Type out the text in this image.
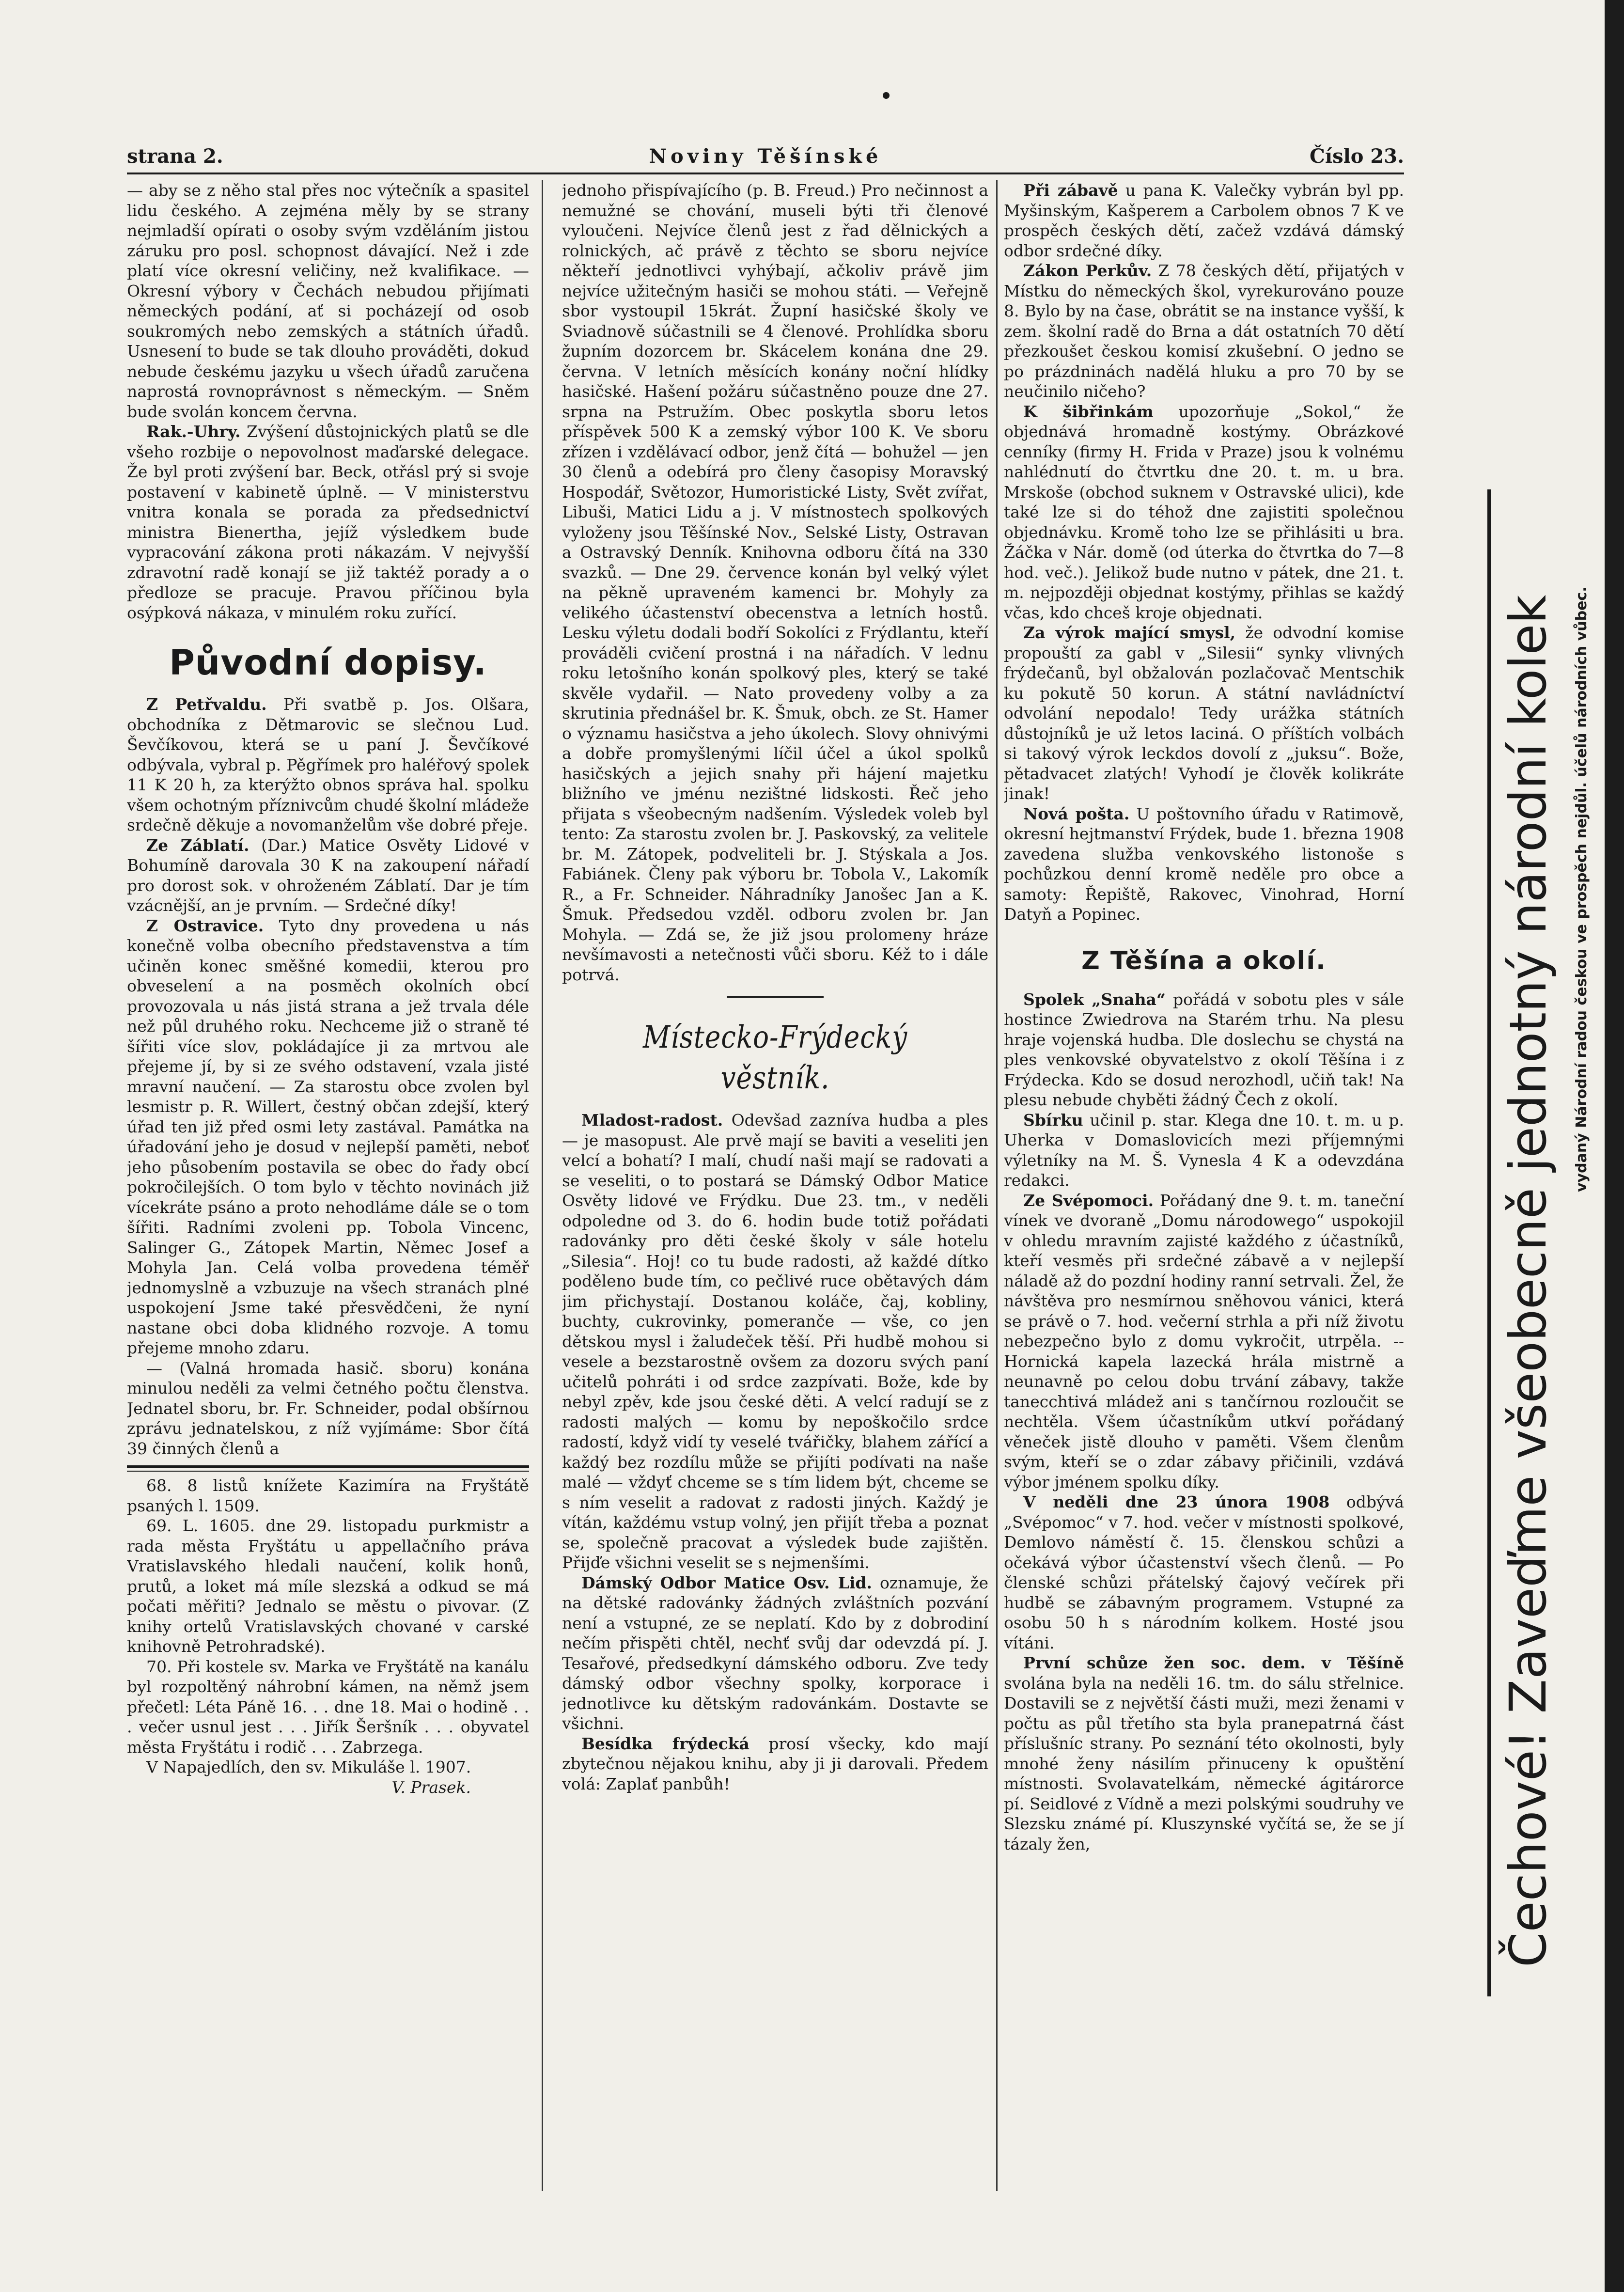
strana 2.	Noviny Těšínské	Číslo 23.

— aby se z něho stal přes noc výtečník a spasitel lidu českého. A zejména měly by se strany nejmladší opírati o osoby svým vzděláním jistou záruku pro posl. schopnost dávající. Než i zde platí více okresní veličiny, než kvalifikace. — Okresní výbory v Čechách nebudou přijímati německých podání, ať si pocházejí od osob soukromých nebo zemských a státních úřadů. Usnesení to bude se tak dlouho prováděti, dokud nebude českému jazyku u všech úřadů zaručena naprostá rovnoprávnost s německým. — Sněm bude svolán koncem června.

Rak.-Uhry. Zvýšení důstojnických platů se dle všeho rozbije o nepovolnost maďarské delegace. Že byl proti zvýšení bar. Beck, otřásl prý si svoje postavení v kabinetě úplně. — V ministerstvu vnitra konala se porada za předsednictví ministra Bienertha, jejíž výsledkem bude vypracování zákona proti nákazám. V nejvyšší zdravotní radě konají se již taktéž porady a o předloze se pracuje. Pravou příčinou byla osýpková nákaza, v minulém roku zuřící.

Původní dopisy.

Z Petřvaldu. Při svatbě p. Jos. Olšara, obchodníka z Dětmarovic se slečnou Lud. Ševčíkovou, která se u paní J. Ševčíkové odbývala, vybral p. Pěgřímek pro haléřový spolek 11 K 20 h, za kterýžto obnos správa hal. spolku všem ochotným příznivcům chudé školní mládeže srdečně děkuje a novomanželům vše dobré přeje.

Ze Záblatí. (Dar.) Matice Osvěty Lidové v Bohumíně darovala 30 K na zakoupení nářadí pro dorost sok. v ohroženém Záblatí. Dar je tím vzácnější, an je prvním. — Srdečné díky!

Z Ostravice. Tyto dny provedena u nás konečně volba obecního představenstva a tím učiněn konec směšné komedii, kterou pro obveselení a na posměch okolních obcí provozovala u nás jistá strana a jež trvala déle než půl druhého roku. Nechceme již o straně té šířiti více slov, pokládajíce ji za mrtvou ale přejeme jí, by si ze svého odstavení, vzala jisté mravní naučení. — Za starostu obce zvolen byl lesmistr p. R. Willert, čestný občan zdejší, který úřad ten již před osmi lety zastával. Památka na úřadování jeho je dosud v nejlepší paměti, neboť jeho působením postavila se obec do řady obcí pokročilejších. O tom bylo v těchto novinách již vícekráte psáno a proto nehodláme dále se o tom šířiti. Radními zvoleni pp. Tobola Vincenc, Salinger G., Zátopek Martin, Němec Josef a Mohyla Jan. Celá volba provedena téměř jednomyslně a vzbuzuje na všech stranách plné uspokojení Jsme také přesvědčeni, že nyní nastane obci doba klidného rozvoje. A tomu přejeme mnoho zdaru.

— (Valná hromada hasič. sboru) konána minulou neděli za velmi četného počtu členstva. Jednatel sboru, br. Fr. Schneider, podal obšírnou zprávu jednatelskou, z níž vyjímáme: Sbor čítá 39 činných členů a

68. 8 listů knížete Kazimíra na Fryštátě psaných l. 1509.

69. L. 1605. dne 29. listopadu purkmistr a rada města Fryštátu u appellačního práva Vratislavského hledali naučení, kolik honů, prutů, a loket má míle slezská a odkud se má počati měřiti? Jednalo se městu o pivovar. (Z knihy ortelů Vratislavských chované v carské knihovně Petrohradské).

70. Při kostele sv. Marka ve Fryštátě na kanálu byl rozpoltěný náhrobní kámen, na němž jsem přečetl: Léta Páně 16. . . dne 18. Mai o hodině . . . večer usnul jest . . . Jiřík Šeršník . . . obyvatel města Fryštátu i rodič . . . Zabrzega.

V Napajedlích, den sv. Mikuláše l. 1907.

V. Prasek.

jednoho přispívajícího (p. B. Freud.) Pro nečinnost a nemužné se chování, museli býti tři členové vyloučeni. Nejvíce členů jest z řad dělnických a rolnických, ač právě z těchto se sboru nejvíce někteří jednotlivci vyhýbají, ačkoliv právě jim nejvíce užitečným hasiči se mohou státi. — Veřejně sbor vystoupil 15krát. Župní hasičské školy ve Sviadnově súčastnili se 4 členové. Prohlídka sboru župním dozorcem br. Skácelem konána dne 29. června. V letních měsících konány noční hlídky hasičské. Hašení požáru súčastněno pouze dne 27. srpna na Pstružím. Obec poskytla sboru letos příspěvek 500 K a zemský výbor 100 K. Ve sboru zřízen i vzdělávací odbor, jenž čítá — bohužel — jen 30 členů a odebírá pro členy časopisy Moravský Hospodář, Světozor, Humoristické Listy, Svět zvířat, Libuši, Matici Lidu a j. V místnostech spolkových vyloženy jsou Těšínské Nov., Selské Listy, Ostravan a Ostravský Denník. Knihovna odboru čítá na 330 svazků. — Dne 29. července konán byl velký výlet na pěkně upraveném kamenci br. Mohyly za velikého účastenství obecenstva a letních hostů. Lesku výletu dodali bodří Sokolíci z Frýdlantu, kteří prováděli cvičení prostná i na nářadích. V lednu roku letošního konán spolkový ples, který se také skvěle vydařil. — Nato provedeny volby a za skrutinia přednášel br. K. Šmuk, obch. ze St. Hamer o významu hasičstva a jeho úkolech. Slovy ohnivými a dobře promyšlenými líčil účel a úkol spolků hasičských a jejich snahy při hájení majetku bližního ve jménu nezištné lidskosti. Řeč jeho přijata s všeobecným nadšením. Výsledek voleb byl tento: Za starostu zvolen br. J. Paskovský, za velitele br. M. Zátopek, podveliteli br. J. Stýskala a Jos. Fabiánek. Členy pak výboru br. Tobola V., Lakomík R., a Fr. Schneider. Náhradníky Janošec Jan a K. Šmuk. Předsedou vzděl. odboru zvolen br. Jan Mohyla. — Zdá se, že již jsou prolomeny hráze nevšímavosti a netečnosti vůči sboru. Kéž to i dále potrvá.

Místecko-Frýdecký věstník.

Mladost-radost. Odevšad zazníva hudba a ples — je masopust. Ale prvě mají se baviti a veseliti jen velcí a bohatí? I malí, chudí naši mají se radovati a se veseliti, o to postará se Dámský Odbor Matice Osvěty lidové ve Frýdku. Due 23. tm., v neděli odpoledne od 3. do 6. hodin bude totiž pořádati radovánky pro děti české školy v sále hotelu „Silesia“. Hoj! co tu bude radosti, až každé dítko poděleno bude tím, co pečlivé ruce obětavých dám jim přichystají. Dostanou koláče, čaj, kobliny, buchty, cukrovinky, pomeranče — vše, co jen dětskou mysl i žaludeček těší. Při hudbě mohou si vesele a bezstarostně ovšem za dozoru svých paní učitelů pohráti i od srdce zazpívati. Bože, kde by nebyl zpěv, kde jsou české děti. A velcí radují se z radosti malých — komu by nepoškočilo srdce radostí, když vidí ty veselé tvářičky, blahem zářící a každý bez rozdílu může se přijíti podívati na naše malé — vždyť chceme se s tím lidem být, chceme se s ním veselit a radovat z radosti jiných. Každý je vítán, každému vstup volný, jen přijít třeba a poznat se, společně pracovat a výsledek bude zajištěn. Přijďe všichni veselit se s nejmenšími.

Dámský Odbor Matice Osv. Lid. oznamuje, že na dětské radovánky žádných zvláštních pozvání není a vstupné, ze se neplatí. Kdo by z dobrodiní nečím přispěti chtěl, nechť svůj dar odevzdá pí. J. Tesařové, předsedkyní dámského odboru. Zve tedy dámský odbor všechny spolky, korporace i jednotlivce ku dětským radovánkám. Dostavte se všichni.

Besídka frýdecká prosí všecky, kdo mají zbytečnou nějakou knihu, aby ji ji darovali. Předem volá: Zaplať panbůh!

Při zábavě u pana K. Valečky vybrán byl pp. Myšinským, Kašperem a Carbolem obnos 7 K ve prospěch českých dětí, začež vzdává dámský odbor srdečné díky.

Zákon Perkův. Z 78 českých dětí, přijatých v Místku do německých škol, vyrekurováno pouze 8. Bylo by na čase, obrátit se na instance vyšší, k zem. školní radě do Brna a dát ostatních 70 dětí přezkoušet českou komisí zkušební. O jedno se po prázdninách nadělá hluku a pro 70 by se neučinilo ničeho?

K šibřinkám upozorňuje „Sokol,“ že objednává hromadně kostýmy. Obrázkové cenníky (firmy H. Frida v Praze) jsou k volnému nahlédnutí do čtvrtku dne 20. t. m. u bra. Mrskoše (obchod suknem v Ostravské ulici), kde také lze si do téhož dne zajistiti společnou objednávku. Kromě toho lze se přihlásiti u bra. Žáčka v Nár. domě (od úterka do čtvrtka do 7—8 hod. več.). Jelikož bude nutno v pátek, dne 21. t. m. nejpozději objednat kostýmy, přihlas se každý včas, kdo chceš kroje objednati.

Za výrok mající smysl, že odvodní komise propouští za gabl v „Silesii“ synky vlivných frýdečanů, byl obžalován pozlačovač Mentschik ku pokutě 50 korun. A státní navládníctví odvolání nepodalo! Tedy urážka státních důstojníků je už letos laciná. O příštích volbách si takový výrok leckdos dovolí z „juksu“. Bože, pětadvacet zlatých! Vyhodí je člověk kolikráte jinak!

Nová pošta. U poštovního úřadu v Ratimově, okresní hejtmanství Frýdek, bude 1. března 1908 zavedena služba venkovského listonoše s pochůzkou denní kromě neděle pro obce a samoty: Řepiště, Rakovec, Vinohrad, Horní Datyň a Popinec.

Z Těšína a okolí.

Spolek „Snaha“ pořádá v sobotu ples v sále hostince Zwiedrova na Starém trhu. Na plesu hraje vojenská hudba. Dle doslechu se chystá na ples venkovské obyvatelstvo z okolí Těšína i z Frýdecka. Kdo se dosud nerozhodl, učiň tak! Na plesu nebude chyběti žádný Čech z okolí.

Sbírku učinil p. star. Klega dne 10. t. m. u p. Uherka v Domaslovicích mezi příjemnými výletníky na M. Š. Vynesla 4 K a odevzdána redakci.

Ze Svépomoci. Pořádaný dne 9. t. m. taneční vínek ve dvoraně „Domu národowego“ uspokojil v ohledu mravním zajisté každého z účastníků, kteří vesměs při srdečné zábavě a v nejlepší náladě až do pozdní hodiny ranní setrvali. Žel, že návštěva pro nesmírnou sněhovou vánici, která se právě o 7. hod. večerní strhla a při níž životu nebezpečno bylo z domu vykročit, utrpěla. -- Hornická kapela lazecká hrála mistrně a neunavně po celou dobu trvání zábavy, takže tanecchtivá mládež ani s tančírnou rozloučit se nechtěla. Všem účastníkům utkví pořádaný věneček jistě dlouho v paměti. Všem členům svým, kteří se o zdar zábavy přičinili, vzdává výbor jménem spolku díky.

V neděli dne 23 února 1908 odbývá „Svépomoc“ v 7. hod. večer v místnosti spolkové, Demlovo náměstí č. 15. členskou schůzi a očekává výbor účastenství všech členů. — Po členské schůzi přátelský čajový večírek při hudbě se zábavným programem. Vstupné za osobu 50 h s národním kolkem. Hosté jsou vítáni.

První schůze žen soc. dem. v Těšíně svolána byla na neděli 16. tm. do sálu střelnice. Dostavili se z největší části muži, mezi ženami v počtu as půl třetího sta byla pranepatrná část příslušníc strany. Po seznání této okolnosti, byly mnohé ženy násilím přinuceny k opuštění místnosti. Svolavatelkám, německé ágitárorce pí. Seidlové z Vídně a mezi polskými soudruhy ve Slezsku známé pí. Kluszynské vyčítá se, že se jí tázaly žen,	Čechové! Zaveďme všeobecně jednotný národní kolek	vydaný Národní radou českou ve prospěch nejdůl. účelů národních vůbec.
